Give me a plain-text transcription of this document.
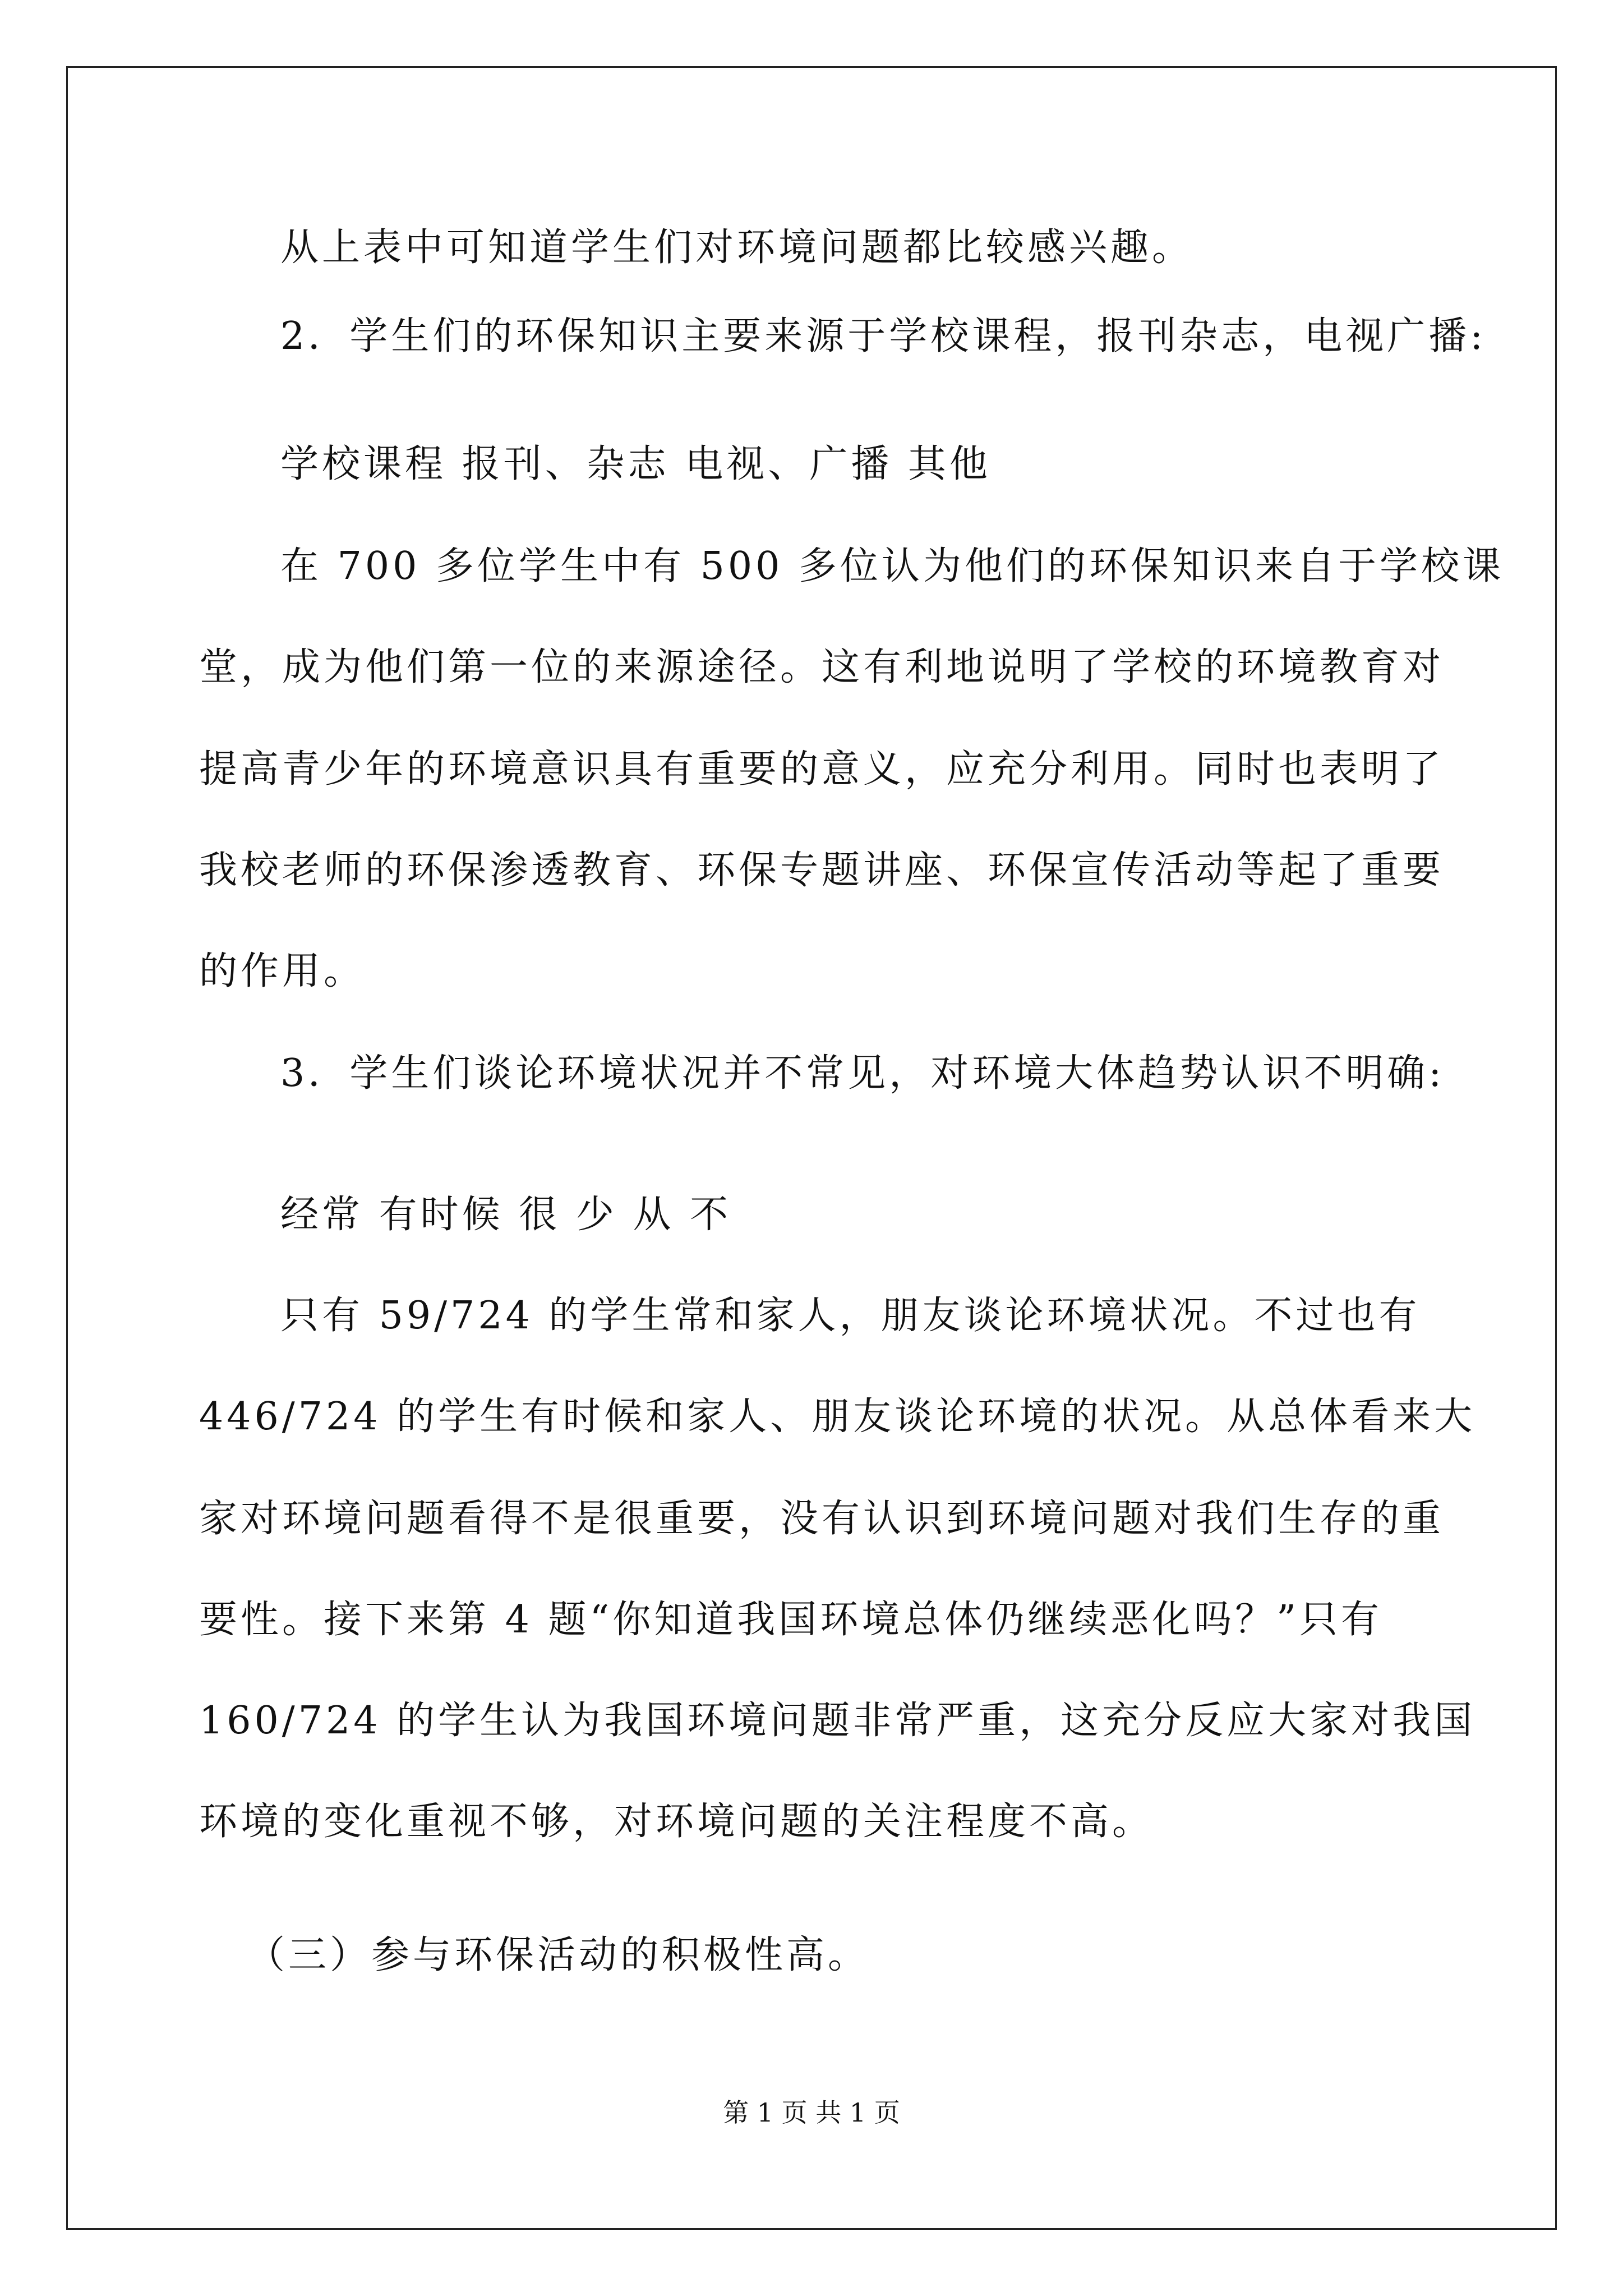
从上表中可知道学生们对环境问题都比较感兴趣。
2．学生们的环保知识主要来源于学校课程，报刊杂志，电视广播:
学校课程 报刊、杂志 电视、广播 其他
在 700 多位学生中有 500 多位认为他们的环保知识来自于学校课
堂，成为他们第一位的来源途径。这有利地说明了学校的环境教育对
提高青少年的环境意识具有重要的意义，应充分利用。同时也表明了
我校老师的环保渗透教育、环保专题讲座、环保宣传活动等起了重要
的作用。
3．学生们谈论环境状况并不常见，对环境大体趋势认识不明确:
经常 有时候 很 少 从 不
只有 59/724 的学生常和家人，朋友谈论环境状况。不过也有
446/724 的学生有时候和家人、朋友谈论环境的状况。从总体看来大
家对环境问题看得不是很重要，没有认识到环境问题对我们生存的重
要性。接下来第 4 题“你知道我国环境总体仍继续恶化吗？”只有
160/724 的学生认为我国环境问题非常严重，这充分反应大家对我国
环境的变化重视不够，对环境问题的关注程度不高。
（三）参与环保活动的积极性高。
第 1 页 共 1 页
